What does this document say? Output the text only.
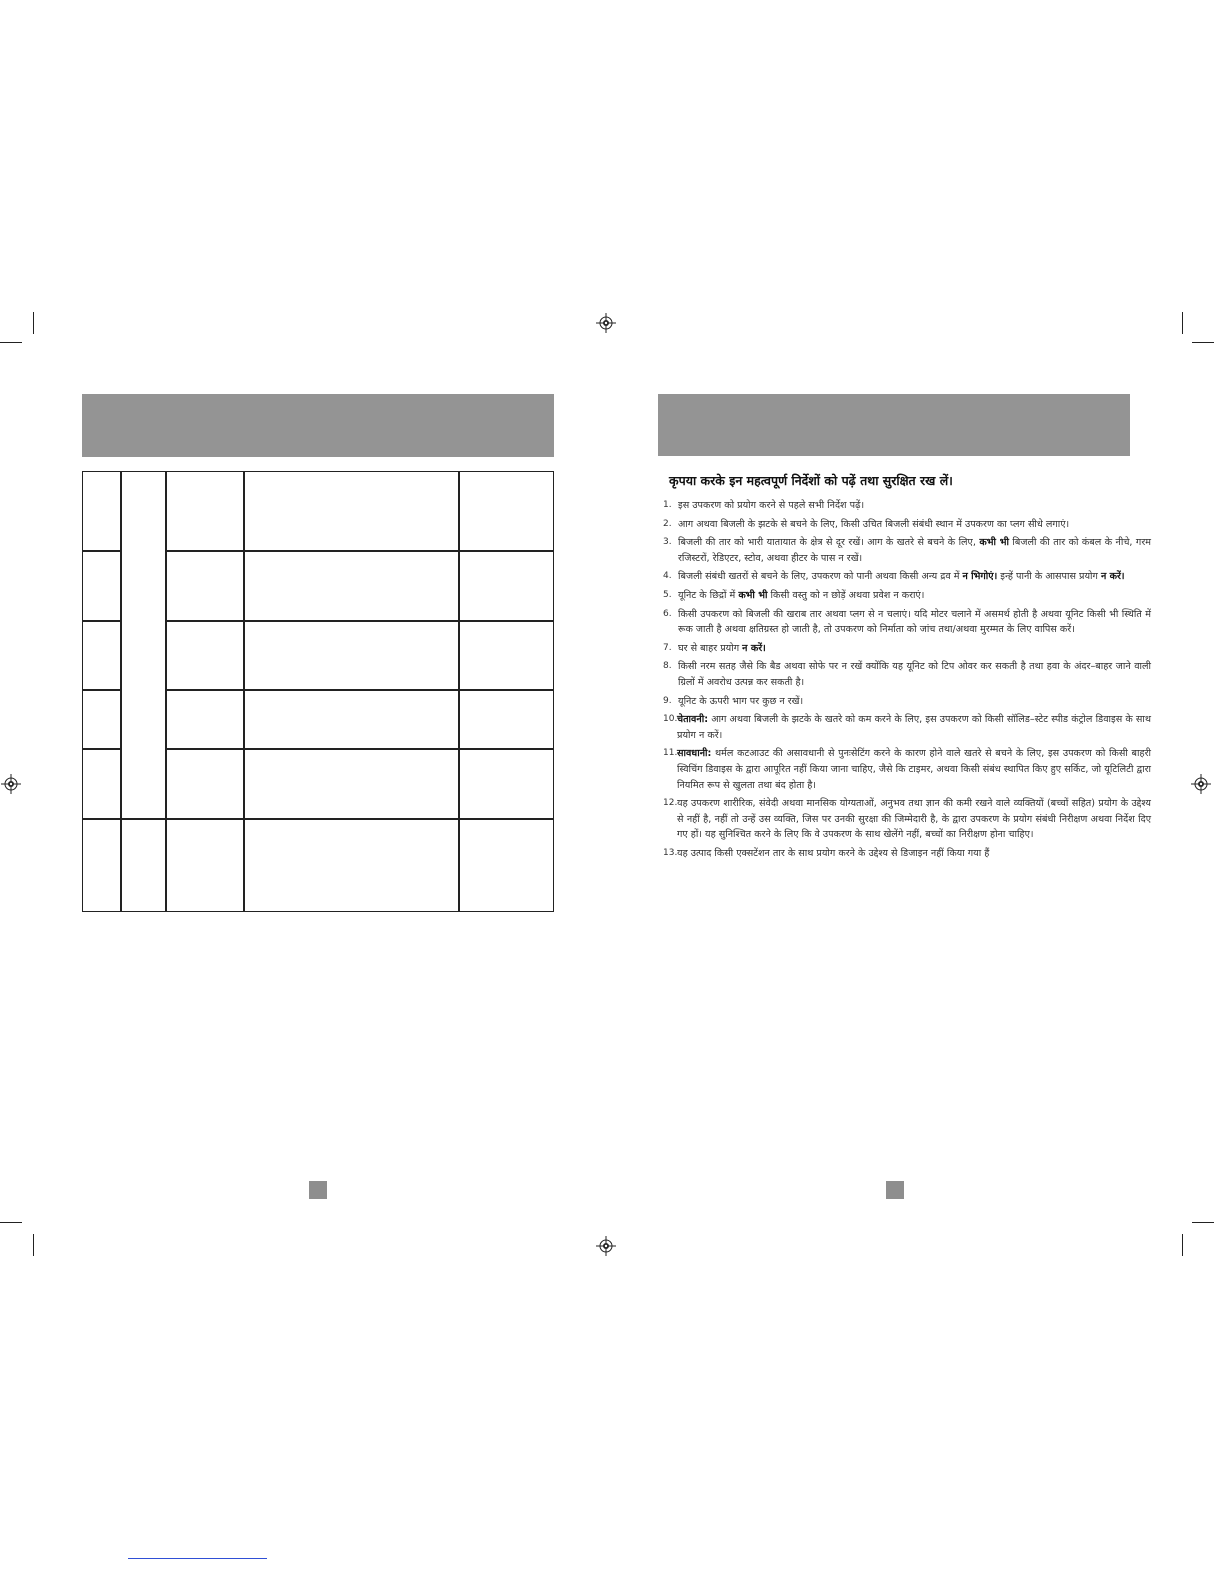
कृपया करके इन महत्वपूर्ण निर्देशों को पढ़ें तथा सुरक्षित रख लें।
1. इस उपकरण को प्रयोग करने से पहले सभी निर्देश पढ़ें।
2. आग अथवा बिजली के झटके से बचने के लिए, किसी उचित बिजली संबंधी स्थान में उपकरण का प्लग सीधे लगाएं।
3. बिजली की तार को भारी यातायात के क्षेत्र से दूर रखें। आग के खतरे से बचने के लिए, कभी भी बिजली की तार को कंबल के नीचे, गरम रजिस्टरों, रेडिएटर, स्टोव, अथवा हीटर के पास न रखें।
4. बिजली संबंधी खतरों से बचने के लिए, उपकरण को पानी अथवा किसी अन्य द्रव में न भिगोएं। इन्हें पानी के आसपास प्रयोग न करें।
5. यूनिट के छिद्रों में कभी भी किसी वस्तु को न छोड़ें अथवा प्रवेश न कराएं।
6. किसी उपकरण को बिजली की खराब तार अथवा प्लग से न चलाएं। यदि मोटर चलाने में असमर्थ होती है अथवा यूनिट किसी भी स्थिति में रूक जाती है अथवा क्षतिग्रस्त हो जाती है, तो उपकरण को निर्माता को जांच तथा/अथवा मुरम्मत के लिए वापिस करें।
7. घर से बाहर प्रयोग न करें।
8. किसी नरम सतह जैसे कि बैड अथवा सोफे पर न रखें क्योंकि यह यूनिट को टिप ओवर कर सकती है तथा हवा के अंदर–बाहर जाने वाली ग्रिलों में अवरोध उत्पन्न कर सकती है।
9. यूनिट के ऊपरी भाग पर कुछ न रखें।
10. चेतावनी: आग अथवा बिजली के झटके के खतरे को कम करने के लिए, इस उपकरण को किसी सॉलिड–स्टेट स्पीड कंट्रोल डिवाइस के साथ प्रयोग न करें।
11. सावधानी: थर्मल कटआउट की असावधानी से पुनःसेटिंग करने के कारण होने वाले खतरे से बचने के लिए, इस उपकरण को किसी बाहरी स्विचिंग डिवाइस के द्वारा आपूरित नहीं किया जाना चाहिए, जैसे कि टाइमर, अथवा किसी संबंध स्थापित किए हुए सर्किट, जो यूटिलिटी द्वारा नियमित रूप से खुलता तथा बंद होता है।
12. यह उपकरण शारीरिक, संवेदी अथवा मानसिक योग्यताओं, अनुभव तथा ज्ञान की कमी रखने वाले व्यक्तियों (बच्चों सहित) प्रयोग के उद्देश्य से नहीं है, नहीं तो उन्हें उस व्यक्ति, जिस पर उनकी सुरक्षा की जिम्मेदारी है, के द्वारा उपकरण के प्रयोग संबंधी निरीक्षण अथवा निर्देश दिए गए हों। यह सुनिश्चित करने के लिए कि वे उपकरण के साथ खेलेंगे नहीं, बच्चों का निरीक्षण होना चाहिए।
13. यह उत्पाद किसी एक्सटेंशन तार के साथ प्रयोग करने के उद्देश्य से डिजाइन नहीं किया गया हैं
